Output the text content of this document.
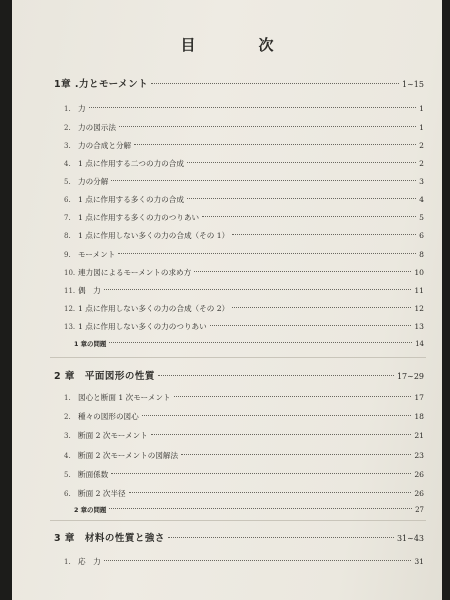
目　次
1章 .力とモーメント	1∼15
1. 力	1
2. 力の図示法	1
3. 力の合成と分解	2
4. 1 点に作用する二つの力の合成	2
5. 力の分解	3
6. 1 点に作用する多くの力の合成	4
7. 1 点に作用する多くの力のつりあい	5
8. 1 点に作用しない多くの力の合成（その 1）	6
9. モーメント	8
10. 連力図によるモーメントの求め方	10
11. 偶　力	11
12. 1 点に作用しない多くの力の合成（その 2）	12
13. 1 点に作用しない多くの力のつりあい	13
1 章の問題	14
2 章　平面図形の性質	17∼29
1. 図心と断面 1 次モーメント	17
2. 種々の図形の図心	18
3. 断面 2 次モーメント	21
4. 断面 2 次モーメントの図解法	23
5. 断面係数	26
6. 断面 2 次半径	26
2 章の問題	27
3 章　材料の性質と強さ	31∼43
1. 応　力	31
